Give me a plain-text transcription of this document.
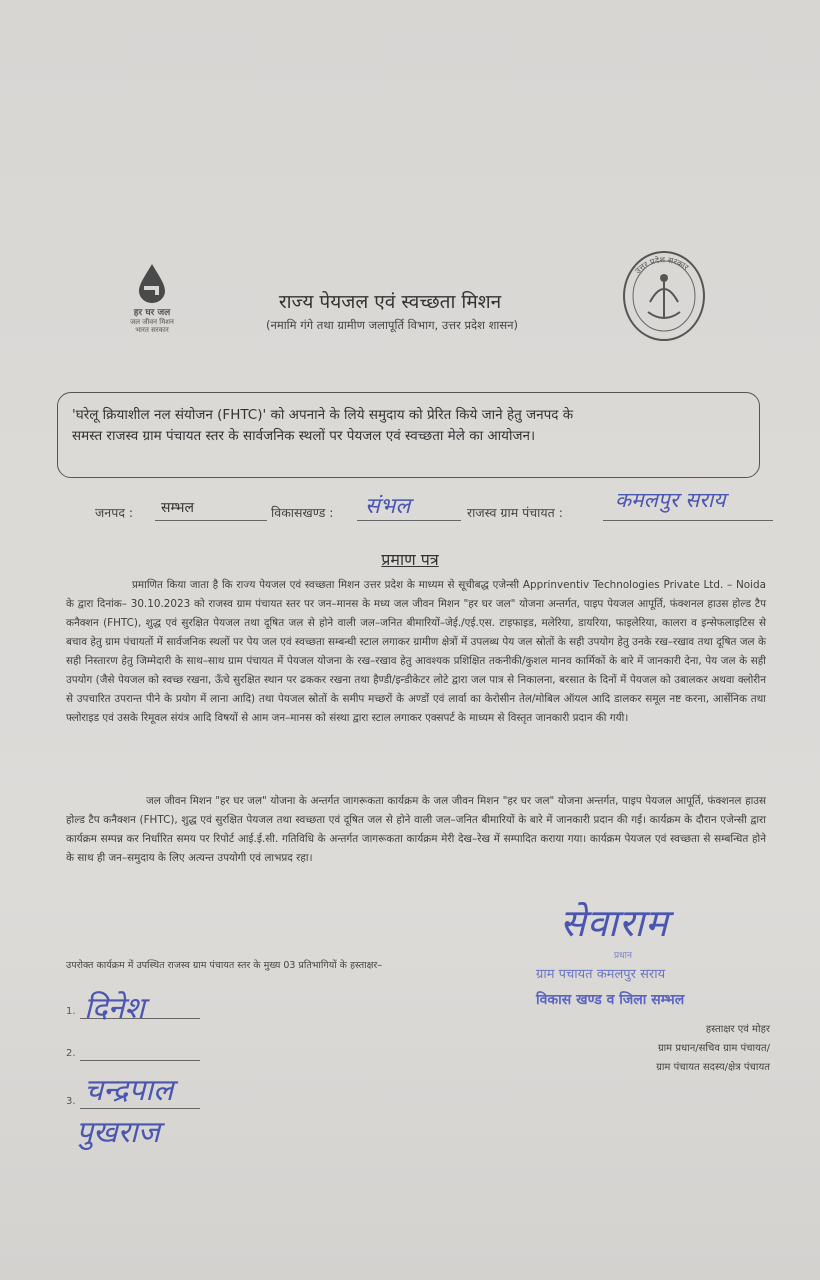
हर घर जल
जल जीवन मिशन
भारत सरकार
राज्य पेयजल एवं स्वच्छता मिशन
(नमामि गंगे तथा ग्रामीण जलापूर्ति विभाग, उत्तर प्रदेश शासन)
उत्तर प्रदेश सरकार
'घरेलू क्रियाशील नल संयोजन (FHTC)' को अपनाने के लिये समुदाय को प्रेरित किये जाने हेतु जनपद के
समस्त राजस्व ग्राम पंचायत स्तर के सार्वजनिक स्थलों पर पेयजल एवं स्वच्छता मेले का आयोजन।
जनपद : सम्भल	विकासखण्ड : संभल	राजस्व ग्राम पंचायत :
कमलपुर सराय
प्रमाण पत्र
प्रमाणित किया जाता है कि राज्य पेयजल एवं स्वच्छता मिशन उत्तर प्रदेश के माध्यम से सूचीबद्ध एजेन्सी Apprinventiv Technologies Private Ltd. – Noida के द्वारा दिनांक– 30.10.2023 को राजस्व ग्राम पंचायत स्तर पर जन–मानस के मध्य जल जीवन मिशन "हर घर जल" योजना अन्तर्गत, पाइप पेयजल आपूर्ति, फंक्शनल हाउस होल्ड टैप कनैक्शन (FHTC), शुद्ध एवं सुरक्षित पेयजल तथा दूषित जल से होने वाली जल–जनित बीमारियों–जेई./एई.एस. टाइफाइड, मलेरिया, डायरिया, फाइलेरिया, कालरा व इन्सेफलाइटिस से बचाव हेतु ग्राम पंचायतों में सार्वजनिक स्थलों पर पेय जल एवं स्वच्छता सम्बन्धी स्टाल लगाकर ग्रामीण क्षेत्रों में उपलब्ध पेय जल स्रोतों के सही उपयोग हेतु उनके रख–रखाव तथा दूषित जल के सही निस्तारण हेतु जिम्मेदारी के साथ–साथ ग्राम पंचायत में पेयजल योजना के रख–रखाव हेतु आवश्यक प्रशिक्षित तकनीकी/कुशल मानव कार्मिकों के बारे में जानकारी देना, पेय जल के सही उपयोग (जैसे पेयजल को स्वच्छ रखना, ऊँचे सुरक्षित स्थान पर ढककर रखना तथा हैण्डी/इन्डीकेटर लोटे द्वारा जल पात्र से निकालना, बरसात के दिनों में पेयजल को उबालकर अथवा क्लोरीन से उपचारित उपरान्त पीने के प्रयोग में लाना आदि) तथा पेयजल स्रोतों के समीप मच्छरों के अण्डों एवं लार्वा का केरोसीन तेल/मोबिल ऑयल आदि डालकर समूल नष्ट करना, आर्सेनिक तथा फ्लोराइड एवं उसके रिमूवल संयंत्र आदि विषयों से आम जन–मानस को संस्था द्वारा स्टाल लगाकर एक्सपर्ट के माध्यम से विस्तृत जानकारी प्रदान की गयी।
जल जीवन मिशन "हर घर जल" योजना के अन्तर्गत जागरूकता कार्यक्रम के जल जीवन मिशन "हर घर जल" योजना अन्तर्गत, पाइप पेयजल आपूर्ति, फंक्शनल हाउस होल्ड टैप कनैक्शन (FHTC), शुद्ध एवं सुरक्षित पेयजल तथा स्वच्छता एवं दूषित जल से होने वाली जल–जनित बीमारियों के बारे में जानकारी प्रदान की गई। कार्यक्रम के दौरान एजेन्सी द्वारा कार्यक्रम सम्पन्न कर निर्धारित समय पर रिपोर्ट आई.ई.सी. गतिविधि के अन्तर्गत जागरूकता कार्यक्रम मेरी देख–रेख में सम्पादित कराया गया। कार्यक्रम पेयजल एवं स्वच्छता से सम्बन्धित होने के साथ ही जन–समुदाय के लिए अत्यन्त उपयोगी एवं लाभप्रद रहा।
सेवाराम
प्रधान
ग्राम पचायत कमलपुर सराय
विकास खण्ड व जिला सम्भल
उपरोक्त कार्यक्रम में उपस्थित राजस्व ग्राम पंचायत स्तर के मुख्य 03 प्रतिभागियों के हस्ताक्षर–
1. दिनेश
2.
चन्द्रपाल
3.
पुखराज
हस्ताक्षर एवं मोहर
ग्राम प्रधान/सचिव ग्राम पंचायत/
ग्राम पंचायत सदस्य/क्षेत्र पंचायत
